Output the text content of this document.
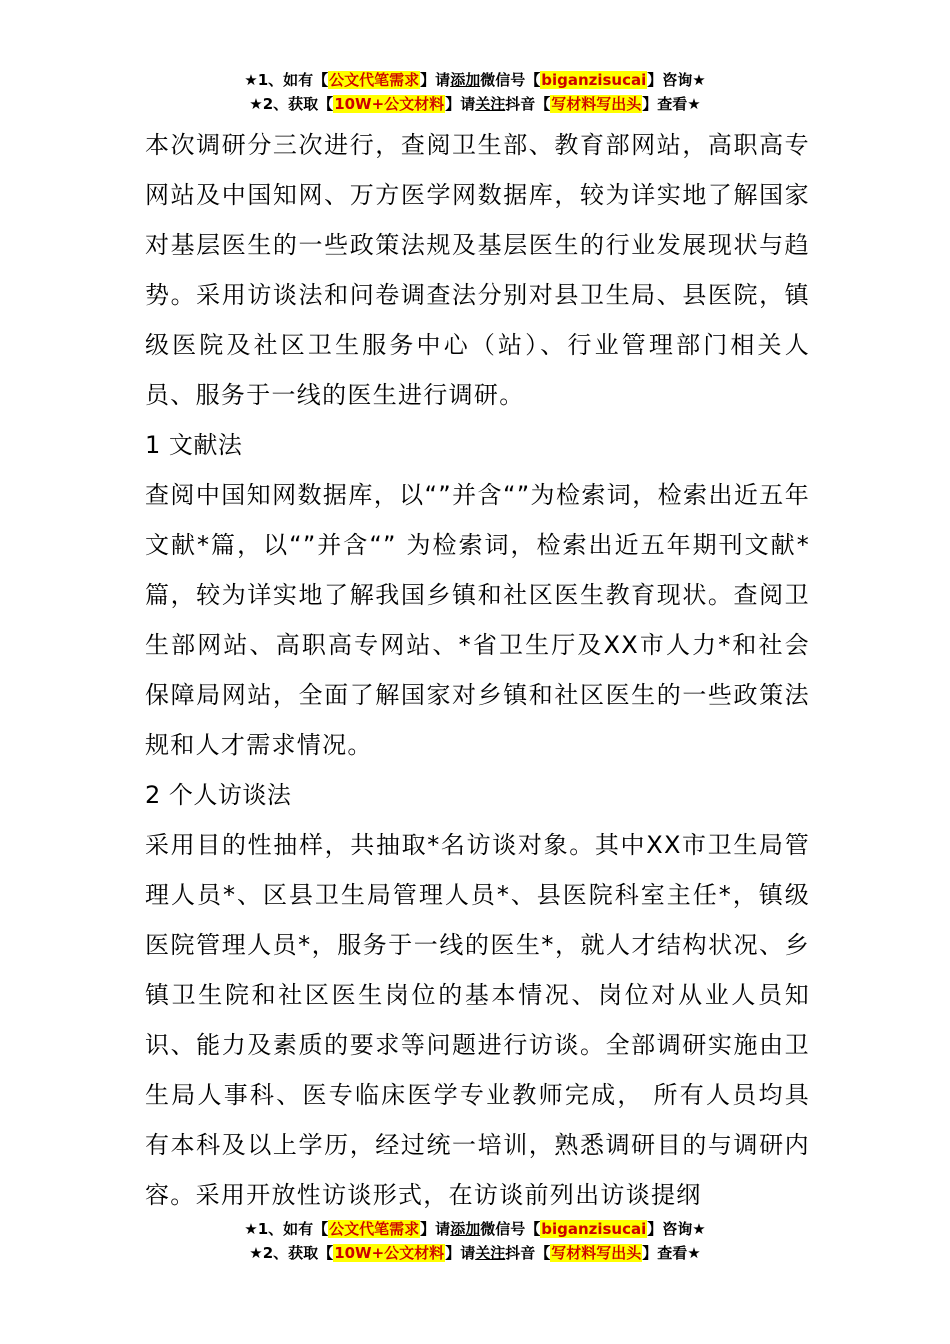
★1、如有【公文代笔需求】请添加微信号【biganzisucai】咨询★
★2、获取【10W+公文材料】请关注抖音【写材料写出头】查看★

本次调研分三次进行，查阅卫生部、教育部网站，高职高专网站及中国知网、万方医学网数据库，较为详实地了解国家对基层医生的一些政策法规及基层医生的行业发展现状与趋势。采用访谈法和问卷调查法分别对县卫生局、县医院，镇级医院及社区卫生服务中心（站）、行业管理部门相关人员、服务于一线的医生进行调研。

1 文献法

查阅中国知网数据库，以“”并含“”为检索词，检索出近五年文献*篇，以“”并含“” 为检索词，检索出近五年期刊文献*篇，较为详实地了解我国乡镇和社区医生教育现状。查阅卫生部网站、高职高专网站、*省卫生厅及XX市人力*和社会保障局网站，全面了解国家对乡镇和社区医生的一些政策法规和人才需求情况。

2 个人访谈法

采用目的性抽样，共抽取*名访谈对象。其中XX市卫生局管理人员*、区县卫生局管理人员*、县医院科室主任*，镇级医院管理人员*，服务于一线的医生*，就人才结构状况、乡镇卫生院和社区医生岗位的基本情况、岗位对从业人员知识、能力及素质的要求等问题进行访谈。全部调研实施由卫生局人事科、医专临床医学专业教师完成， 所有人员均具有本科及以上学历，经过统一培训，熟悉调研目的与调研内容。采用开放性访谈形式，在访谈前列出访谈提纲

★1、如有【公文代笔需求】请添加微信号【biganzisucai】咨询★
★2、获取【10W+公文材料】请关注抖音【写材料写出头】查看★
